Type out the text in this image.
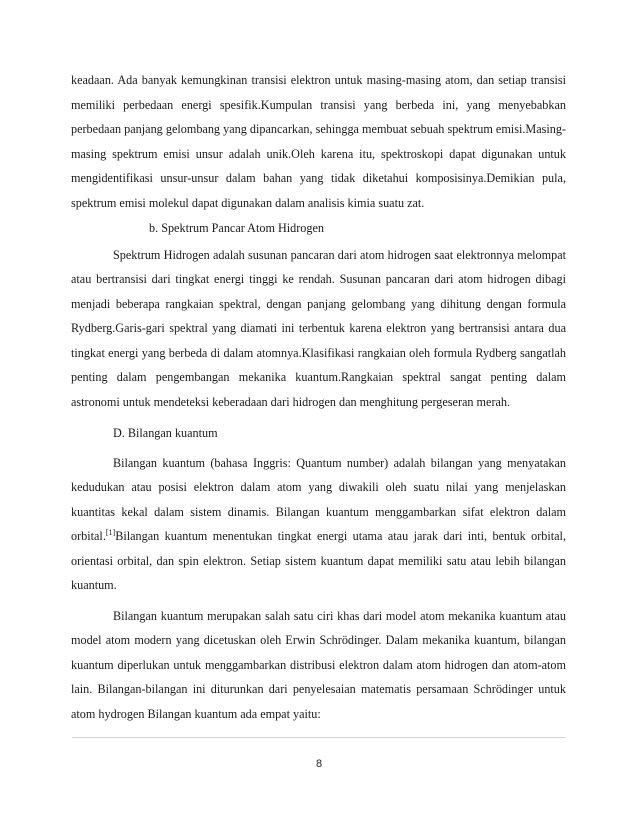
keadaan. Ada banyak kemungkinan transisi elektron untuk masing-masing atom, dan setiap transisi memiliki perbedaan energi spesifik.Kumpulan transisi yang berbeda ini, yang menyebabkan perbedaan panjang gelombang yang dipancarkan, sehingga membuat sebuah spektrum emisi.Masing-masing spektrum emisi unsur adalah unik.Oleh karena itu, spektroskopi dapat digunakan untuk mengidentifikasi unsur-unsur dalam bahan yang tidak diketahui komposisinya.Demikian pula, spektrum emisi molekul dapat digunakan dalam analisis kimia suatu zat.

b. Spektrum Pancar Atom Hidrogen

Spektrum Hidrogen adalah susunan pancaran dari atom hidrogen saat elektronnya melompat atau bertransisi dari tingkat energi tinggi ke rendah. Susunan pancaran dari atom hidrogen dibagi menjadi beberapa rangkaian spektral, dengan panjang gelombang yang dihitung dengan formula Rydberg.Garis-gari spektral yang diamati ini terbentuk karena elektron yang bertransisi antara dua tingkat energi yang berbeda di dalam atomnya.Klasifikasi rangkaian oleh formula Rydberg sangatlah penting dalam pengembangan mekanika kuantum.Rangkaian spektral sangat penting dalam astronomi untuk mendeteksi keberadaan dari hidrogen dan menghitung pergeseran merah.

D. Bilangan kuantum

Bilangan kuantum (bahasa Inggris: Quantum number) adalah bilangan yang menyatakan kedudukan atau posisi elektron dalam atom yang diwakili oleh suatu nilai yang menjelaskan kuantitas kekal dalam sistem dinamis. Bilangan kuantum menggambarkan sifat elektron dalam orbital.[1]Bilangan kuantum menentukan tingkat energi utama atau jarak dari inti, bentuk orbital, orientasi orbital, dan spin elektron. Setiap sistem kuantum dapat memiliki satu atau lebih bilangan kuantum.

Bilangan kuantum merupakan salah satu ciri khas dari model atom mekanika kuantum atau model atom modern yang dicetuskan oleh Erwin Schrödinger. Dalam mekanika kuantum, bilangan kuantum diperlukan untuk menggambarkan distribusi elektron dalam atom hidrogen dan atom-atom lain. Bilangan-bilangan ini diturunkan dari penyelesaian matematis persamaan Schrödinger untuk atom hydrogen Bilangan kuantum ada empat yaitu:

8
